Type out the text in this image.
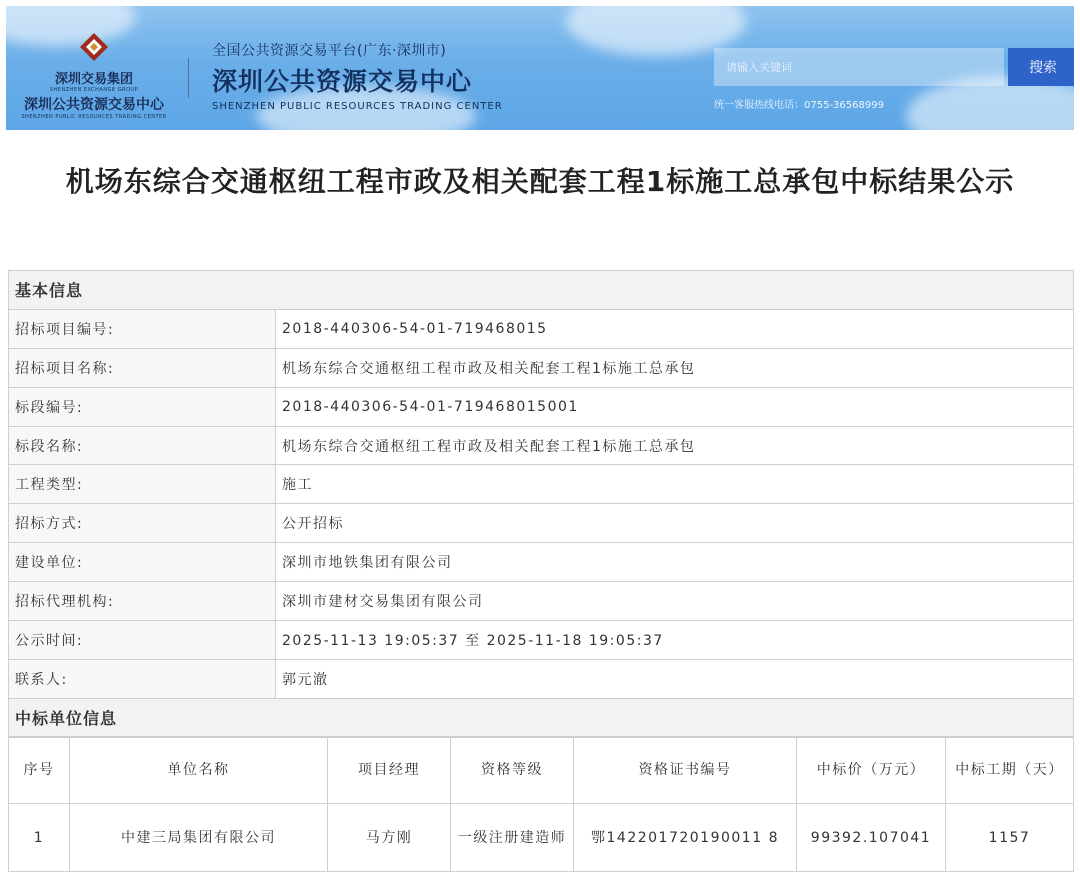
深圳交易集团
SHENZHEN EXCHANGE GROUP
深圳公共资源交易中心
SHENZHEN PUBLIC RESOURCES TRADING CENTER
全国公共资源交易平台(广东·深圳市)
深圳公共资源交易中心
SHENZHEN PUBLIC RESOURCES TRADING CENTER
请输入关键词
搜索
统一客服热线电话：0755-36568999
机场东综合交通枢纽工程市政及相关配套工程1标施工总承包中标结果公示
基本信息	
招标项目编号:	2018-440306-54-01-719468015
招标项目名称:	机场东综合交通枢纽工程市政及相关配套工程1标施工总承包
标段编号:	2018-440306-54-01-719468015001
标段名称:	机场东综合交通枢纽工程市政及相关配套工程1标施工总承包
工程类型:	施工
招标方式:	公开招标
建设单位:	深圳市地铁集团有限公司
招标代理机构:	深圳市建材交易集团有限公司
公示时间:	2025-11-13 19:05:37 至 2025-11-18 19:05:37
联系人:	郭元澈
中标单位信息	
序号	单位名称	项目经理	资格等级	资格证书编号	中标价（万元）	中标工期（天）
1	中建三局集团有限公司	马方刚	一级注册建造师	鄂142201720190011 8	99392.107041	1157
